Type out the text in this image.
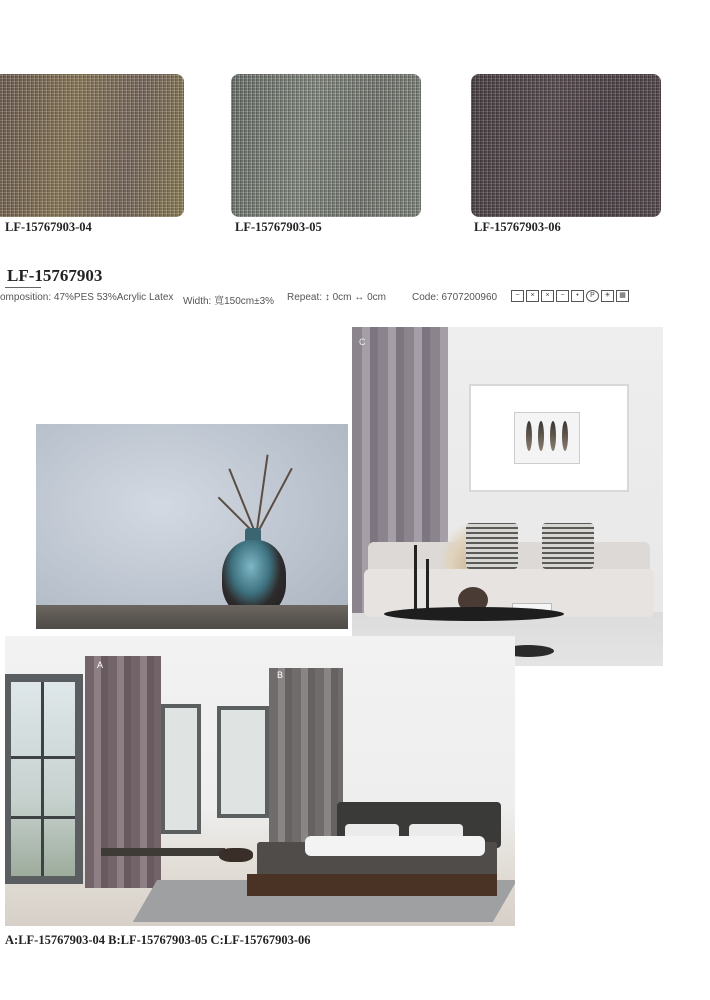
LF-15767903-04	LF-15767903-05	LF-15767903-06
LF-15767903
omposition: 47%PES 53%Acrylic Latex Width: 寬150cm±3% Repeat: ↕ 0cm ↔ 0cm	Code: 6707200960	~	×	×	−	•	P	☀	▦
C
A
B
A:LF-15767903-04 B:LF-15767903-05 C:LF-15767903-06
